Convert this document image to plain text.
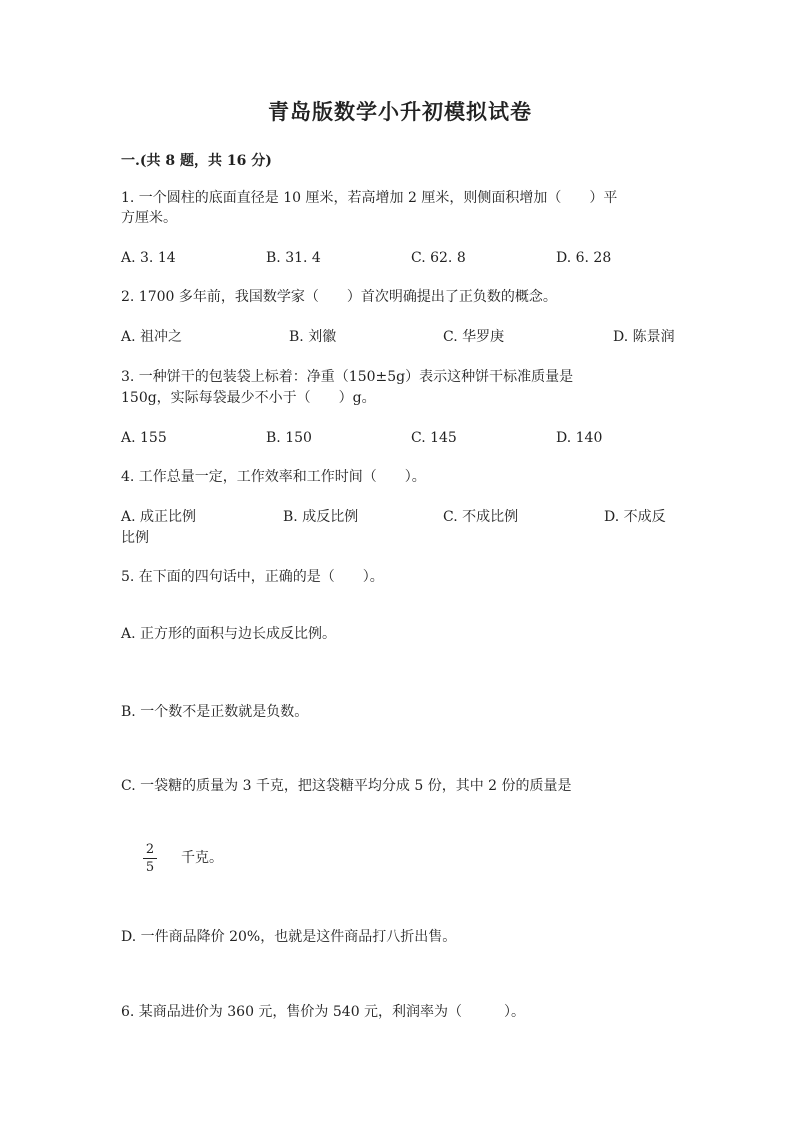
青岛版数学小升初模拟试卷
一.(共 8 题，共 16 分)
1. 一个圆柱的底面直径是 10 厘米，若高增加 2 厘米，则侧面积增加（　　）平
方厘米。
A. 3. 14	B. 31. 4	C. 62. 8	D. 6. 28
2. 1700 多年前，我国数学家（　　）首次明确提出了正负数的概念。
A. 祖冲之	B. 刘徽	C. 华罗庚	D. 陈景润
3. 一种饼干的包装袋上标着：净重（150±5g）表示这种饼干标准质量是
150g，实际每袋最少不小于（　　）g。
A. 155	B. 150	C. 145	D. 140
4. 工作总量一定，工作效率和工作时间（　　）。
A. 成正比例	B. 成反比例	C. 不成比例	D. 不成反
比例
5. 在下面的四句话中，正确的是（　　）。
A. 正方形的面积与边长成反比例。
B. 一个数不是正数就是负数。
C. 一袋糖的质量为 3 千克，把这袋糖平均分成 5 份，其中 2 份的质量是
2
5
千克。
D. 一件商品降价 20%，也就是这件商品打八折出售。
6. 某商品进价为 360 元，售价为 540 元，利润率为（　　　）。
